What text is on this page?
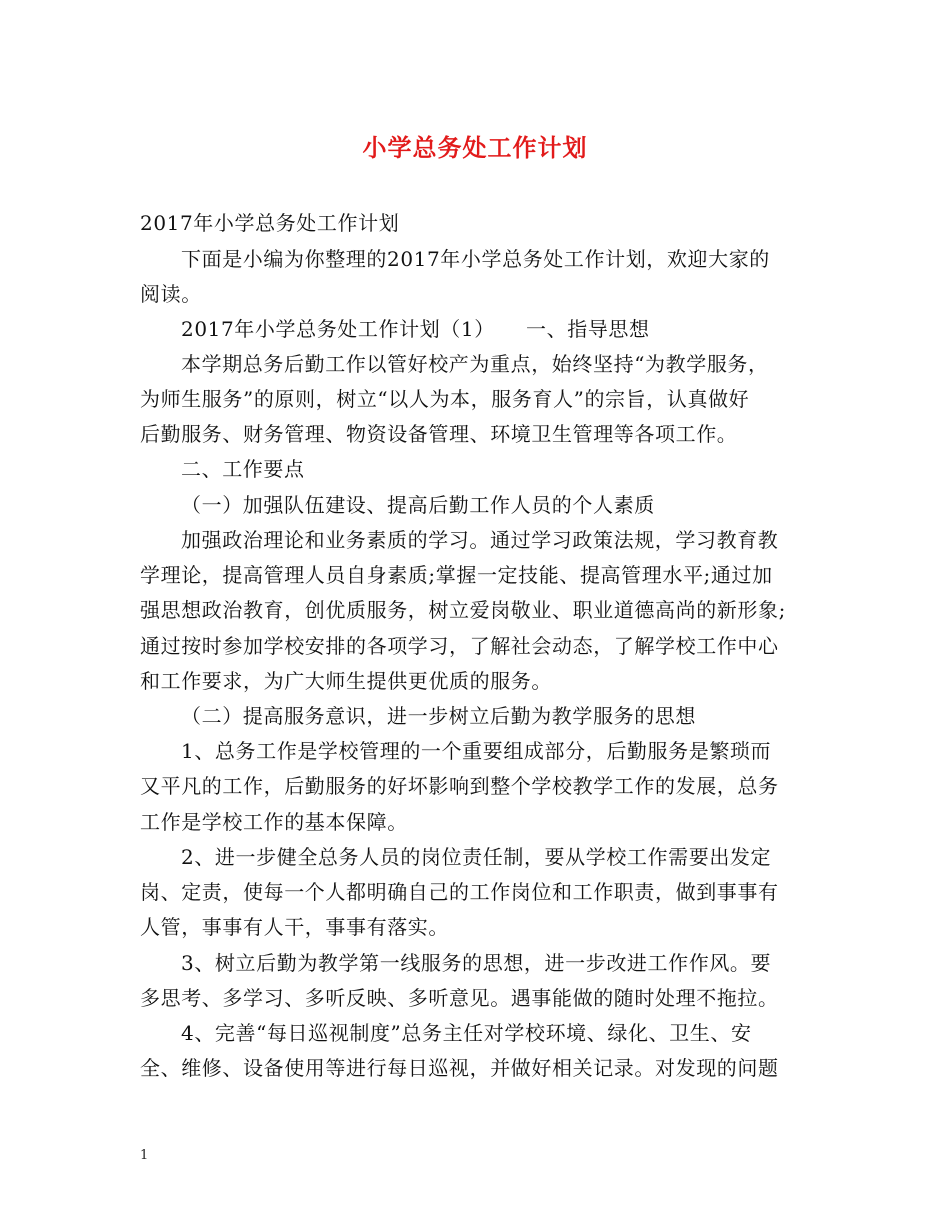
小学总务处工作计划
2017年小学总务处工作计划
下面是小编为你整理的2017年小学总务处工作计划，欢迎大家的
阅读。
2017年小学总务处工作计划（1）　　一、指导思想
本学期总务后勤工作以管好校产为重点，始终坚持“为教学服务，
为师生服务”的原则，树立“以人为本，服务育人”的宗旨，认真做好
后勤服务、财务管理、物资设备管理、环境卫生管理等各项工作。
二、工作要点
（一）加强队伍建设、提高后勤工作人员的个人素质
加强政治理论和业务素质的学习。通过学习政策法规，学习教育教
学理论，提高管理人员自身素质;掌握一定技能、提高管理水平;通过加
强思想政治教育，创优质服务，树立爱岗敬业、职业道德高尚的新形象;
通过按时参加学校安排的各项学习，了解社会动态，了解学校工作中心
和工作要求，为广大师生提供更优质的服务。
（二）提高服务意识，进一步树立后勤为教学服务的思想
1、总务工作是学校管理的一个重要组成部分，后勤服务是繁琐而
又平凡的工作，后勤服务的好坏影响到整个学校教学工作的发展，总务
工作是学校工作的基本保障。
2、进一步健全总务人员的岗位责任制，要从学校工作需要出发定
岗、定责，使每一个人都明确自己的工作岗位和工作职责，做到事事有
人管，事事有人干，事事有落实。
3、树立后勤为教学第一线服务的思想，进一步改进工作作风。要
多思考、多学习、多听反映、多听意见。遇事能做的随时处理不拖拉。
4、完善“每日巡视制度”总务主任对学校环境、绿化、卫生、安
全、维修、设备使用等进行每日巡视，并做好相关记录。对发现的问题
1
